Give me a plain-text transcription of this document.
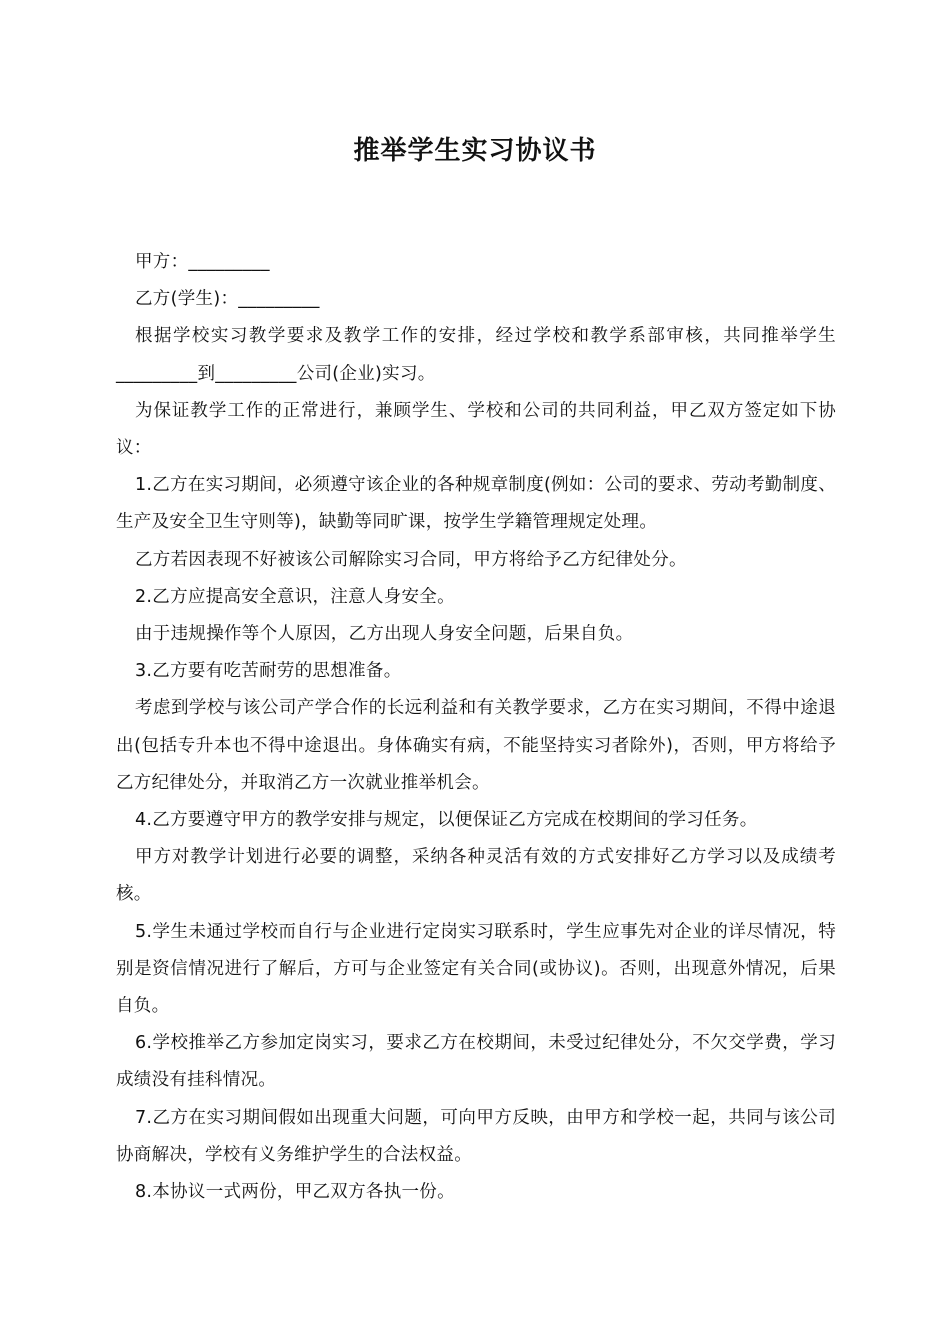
推举学生实习协议书

甲方：_________

乙方(学生)：_________

根据学校实习教学要求及教学工作的安排，经过学校和教学系部审核，共同推举学生_________到_________公司(企业)实习。

为保证教学工作的正常进行，兼顾学生、学校和公司的共同利益，甲乙双方签定如下协议：

1.乙方在实习期间，必须遵守该企业的各种规章制度(例如：公司的要求、劳动考勤制度、生产及安全卫生守则等)，缺勤等同旷课，按学生学籍管理规定处理。

乙方若因表现不好被该公司解除实习合同，甲方将给予乙方纪律处分。

2.乙方应提高安全意识，注意人身安全。

由于违规操作等个人原因，乙方出现人身安全问题，后果自负。

3.乙方要有吃苦耐劳的思想准备。

考虑到学校与该公司产学合作的长远利益和有关教学要求，乙方在实习期间，不得中途退出(包括专升本也不得中途退出。身体确实有病，不能坚持实习者除外)，否则，甲方将给予乙方纪律处分，并取消乙方一次就业推举机会。

4.乙方要遵守甲方的教学安排与规定，以便保证乙方完成在校期间的学习任务。

甲方对教学计划进行必要的调整，采纳各种灵活有效的方式安排好乙方学习以及成绩考核。

5.学生未通过学校而自行与企业进行定岗实习联系时，学生应事先对企业的详尽情况，特别是资信情况进行了解后，方可与企业签定有关合同(或协议)。否则，出现意外情况，后果自负。

6.学校推举乙方参加定岗实习，要求乙方在校期间，未受过纪律处分，不欠交学费，学习成绩没有挂科情况。

7.乙方在实习期间假如出现重大问题，可向甲方反映，由甲方和学校一起，共同与该公司协商解决，学校有义务维护学生的合法权益。

8.本协议一式两份，甲乙双方各执一份。
